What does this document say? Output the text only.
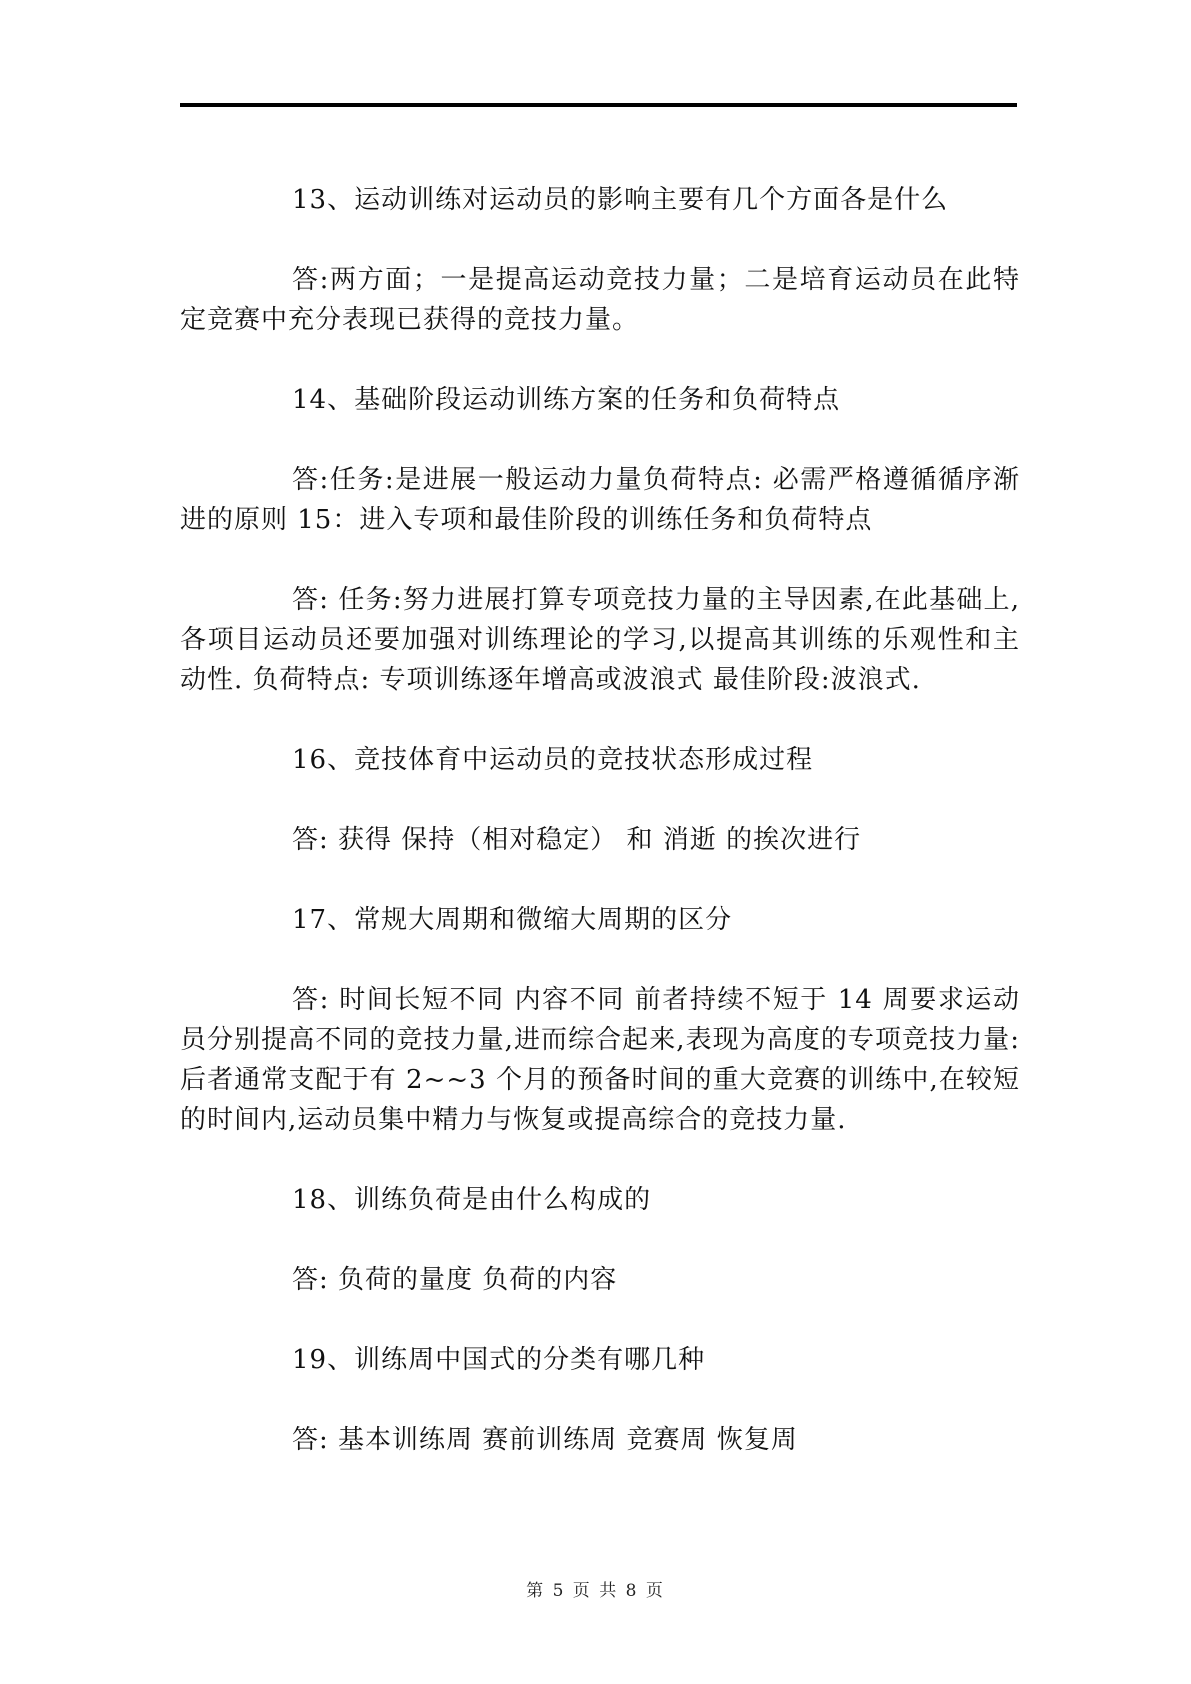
13、运动训练对运动员的影响主要有几个方面各是什么

答:两方面；一是提高运动竞技力量；二是培育运动员在此特定竞赛中充分表现已获得的竞技力量。

14、基础阶段运动训练方案的任务和负荷特点

答:任务:是进展一般运动力量负荷特点: 必需严格遵循循序渐进的原则 15：进入专项和最佳阶段的训练任务和负荷特点

答: 任务:努力进展打算专项竞技力量的主导因素,在此基础上,各项目运动员还要加强对训练理论的学习,以提高其训练的乐观性和主动性. 负荷特点: 专项训练逐年增高或波浪式 最佳阶段:波浪式.

16、竞技体育中运动员的竞技状态形成过程

答: 获得 保持（相对稳定） 和 消逝 的挨次进行

17、常规大周期和微缩大周期的区分

答: 时间长短不同 内容不同 前者持续不短于 14 周要求运动员分别提高不同的竞技力量,进而综合起来,表现为高度的专项竞技力量:后者通常支配于有 2~~3 个月的预备时间的重大竞赛的训练中,在较短的时间内,运动员集中精力与恢复或提高综合的竞技力量.

18、训练负荷是由什么构成的

答: 负荷的量度 负荷的内容

19、训练周中国式的分类有哪几种

答: 基本训练周 赛前训练周 竞赛周 恢复周

第 5 页 共 8 页
